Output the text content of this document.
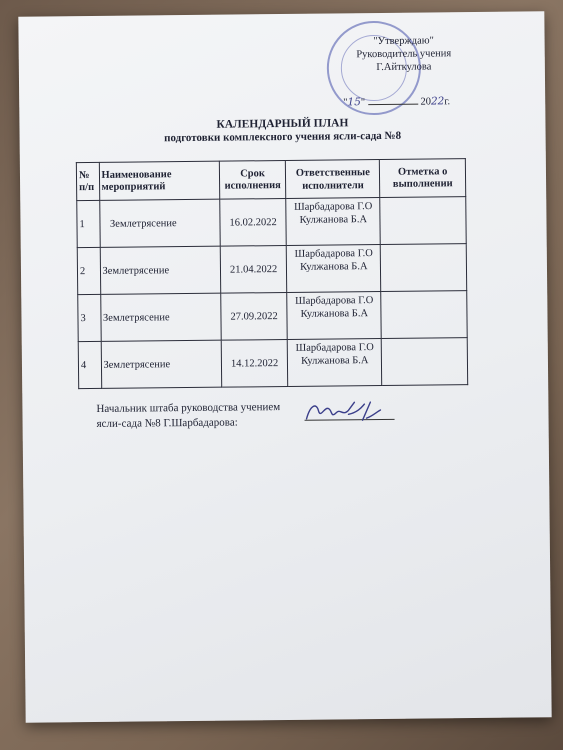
"Утверждаю"
Руководитель учения
Г.Айткулова
"15"	2022г.
КАЛЕНДАРНЫЙ ПЛАН
подготовки комплексного учения ясли-сада №8
№ п/п	Наименование мероприятий	Срок исполнения	Ответственные исполнители	Отметка о выполнении
1	Землетрясение	16.02.2022	Шарбадарова Г.О
Кулжанова Б.А	

2	Землетрясение	21.04.2022	Шарбадарова Г.О
Кулжанова Б.А	

3	Землетрясение	27.09.2022	Шарбадарова Г.О
Кулжанова Б.А	

4	Землетрясение	14.12.2022	Шарбадарова Г.О
Кулжанова Б.А	

Начальник штаба руководства учением
ясли-сада №8 Г.Шарбадарова:
